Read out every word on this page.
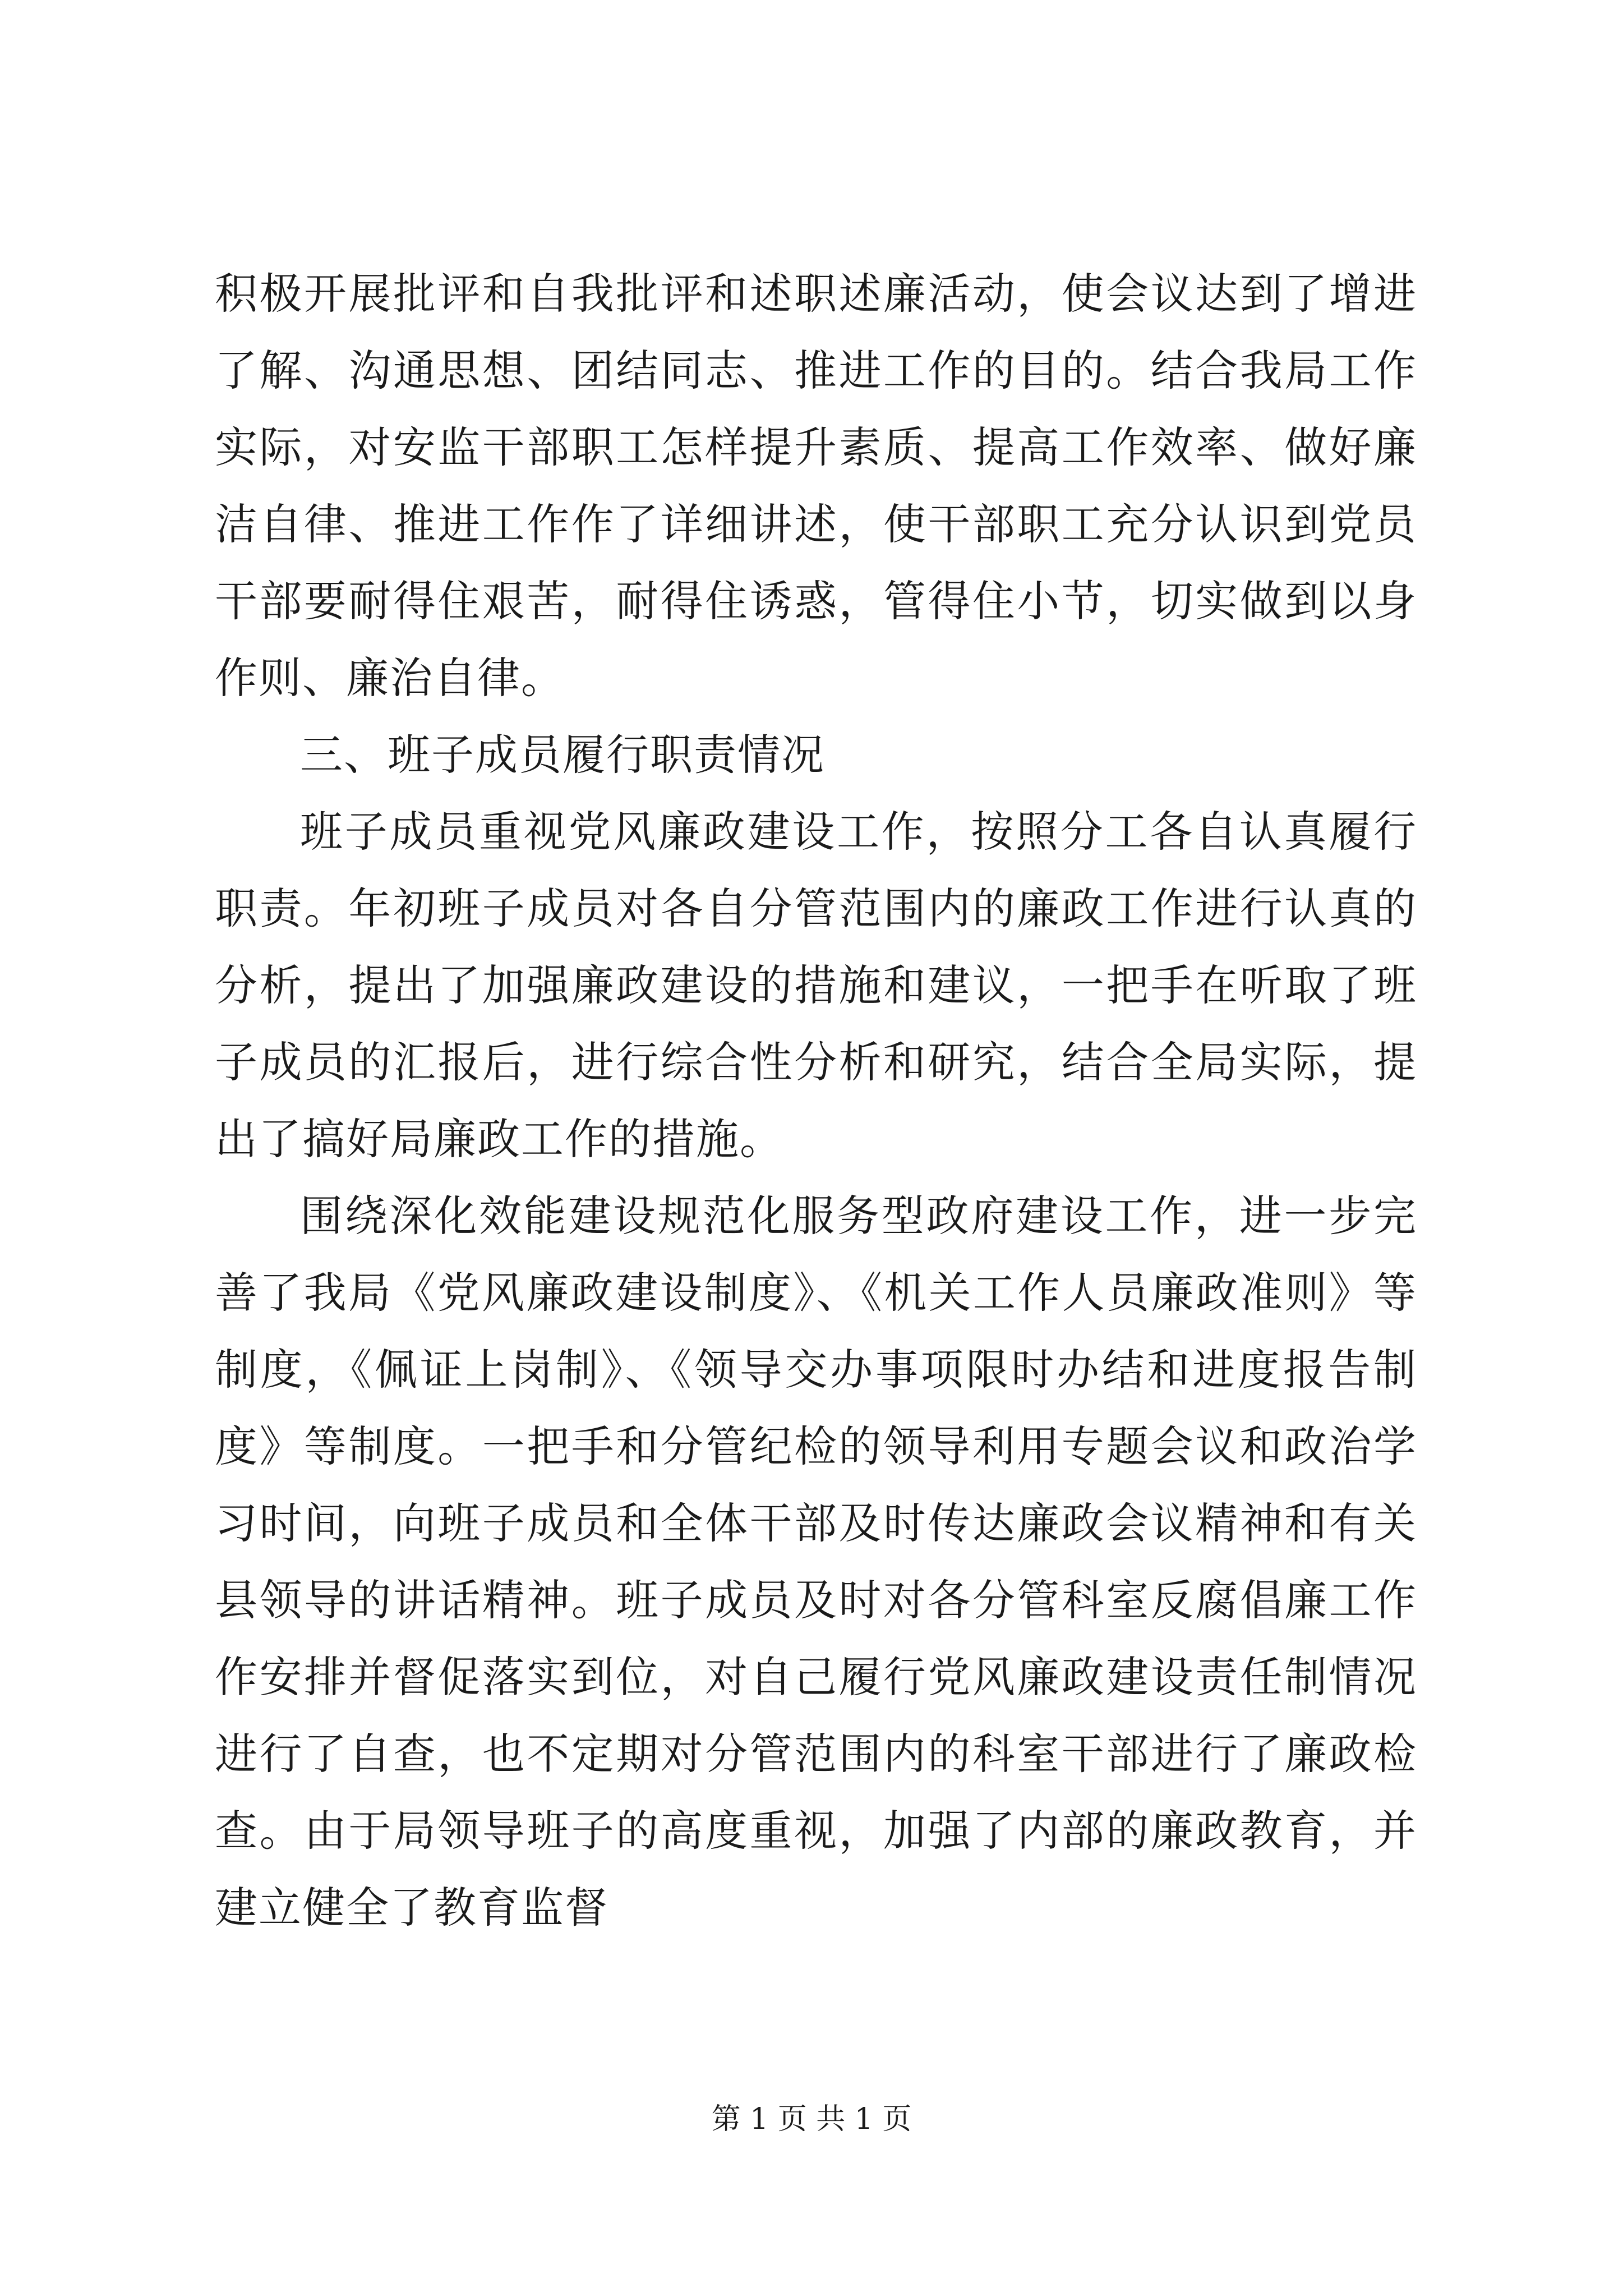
积极开展批评和自我批评和述职述廉活动，使会议达到了增进了解、沟通思想、团结同志、推进工作的目的。结合我局工作实际，对安监干部职工怎样提升素质、提高工作效率、做好廉洁自律、推进工作作了详细讲述，使干部职工充分认识到党员干部要耐得住艰苦，耐得住诱惑，管得住小节，切实做到以身作则、廉治自律。

三、班子成员履行职责情况

班子成员重视党风廉政建设工作，按照分工各自认真履行职责。年初班子成员对各自分管范围内的廉政工作进行认真的分析，提出了加强廉政建设的措施和建议，一把手在听取了班子成员的汇报后，进行综合性分析和研究，结合全局实际，提出了搞好局廉政工作的措施。

围绕深化效能建设规范化服务型政府建设工作，进一步完善了我局《党风廉政建设制度》、《机关工作人员廉政准则》等制度，《佩证上岗制》、《领导交办事项限时办结和进度报告制度》等制度。一把手和分管纪检的领导利用专题会议和政治学习时间，向班子成员和全体干部及时传达廉政会议精神和有关县领导的讲话精神。班子成员及时对各分管科室反腐倡廉工作作安排并督促落实到位，对自己履行党风廉政建设责任制情况进行了自查，也不定期对分管范围内的科室干部进行了廉政检查。由于局领导班子的高度重视，加强了内部的廉政教育，并建立健全了教育监督

第 1 页 共 1 页
